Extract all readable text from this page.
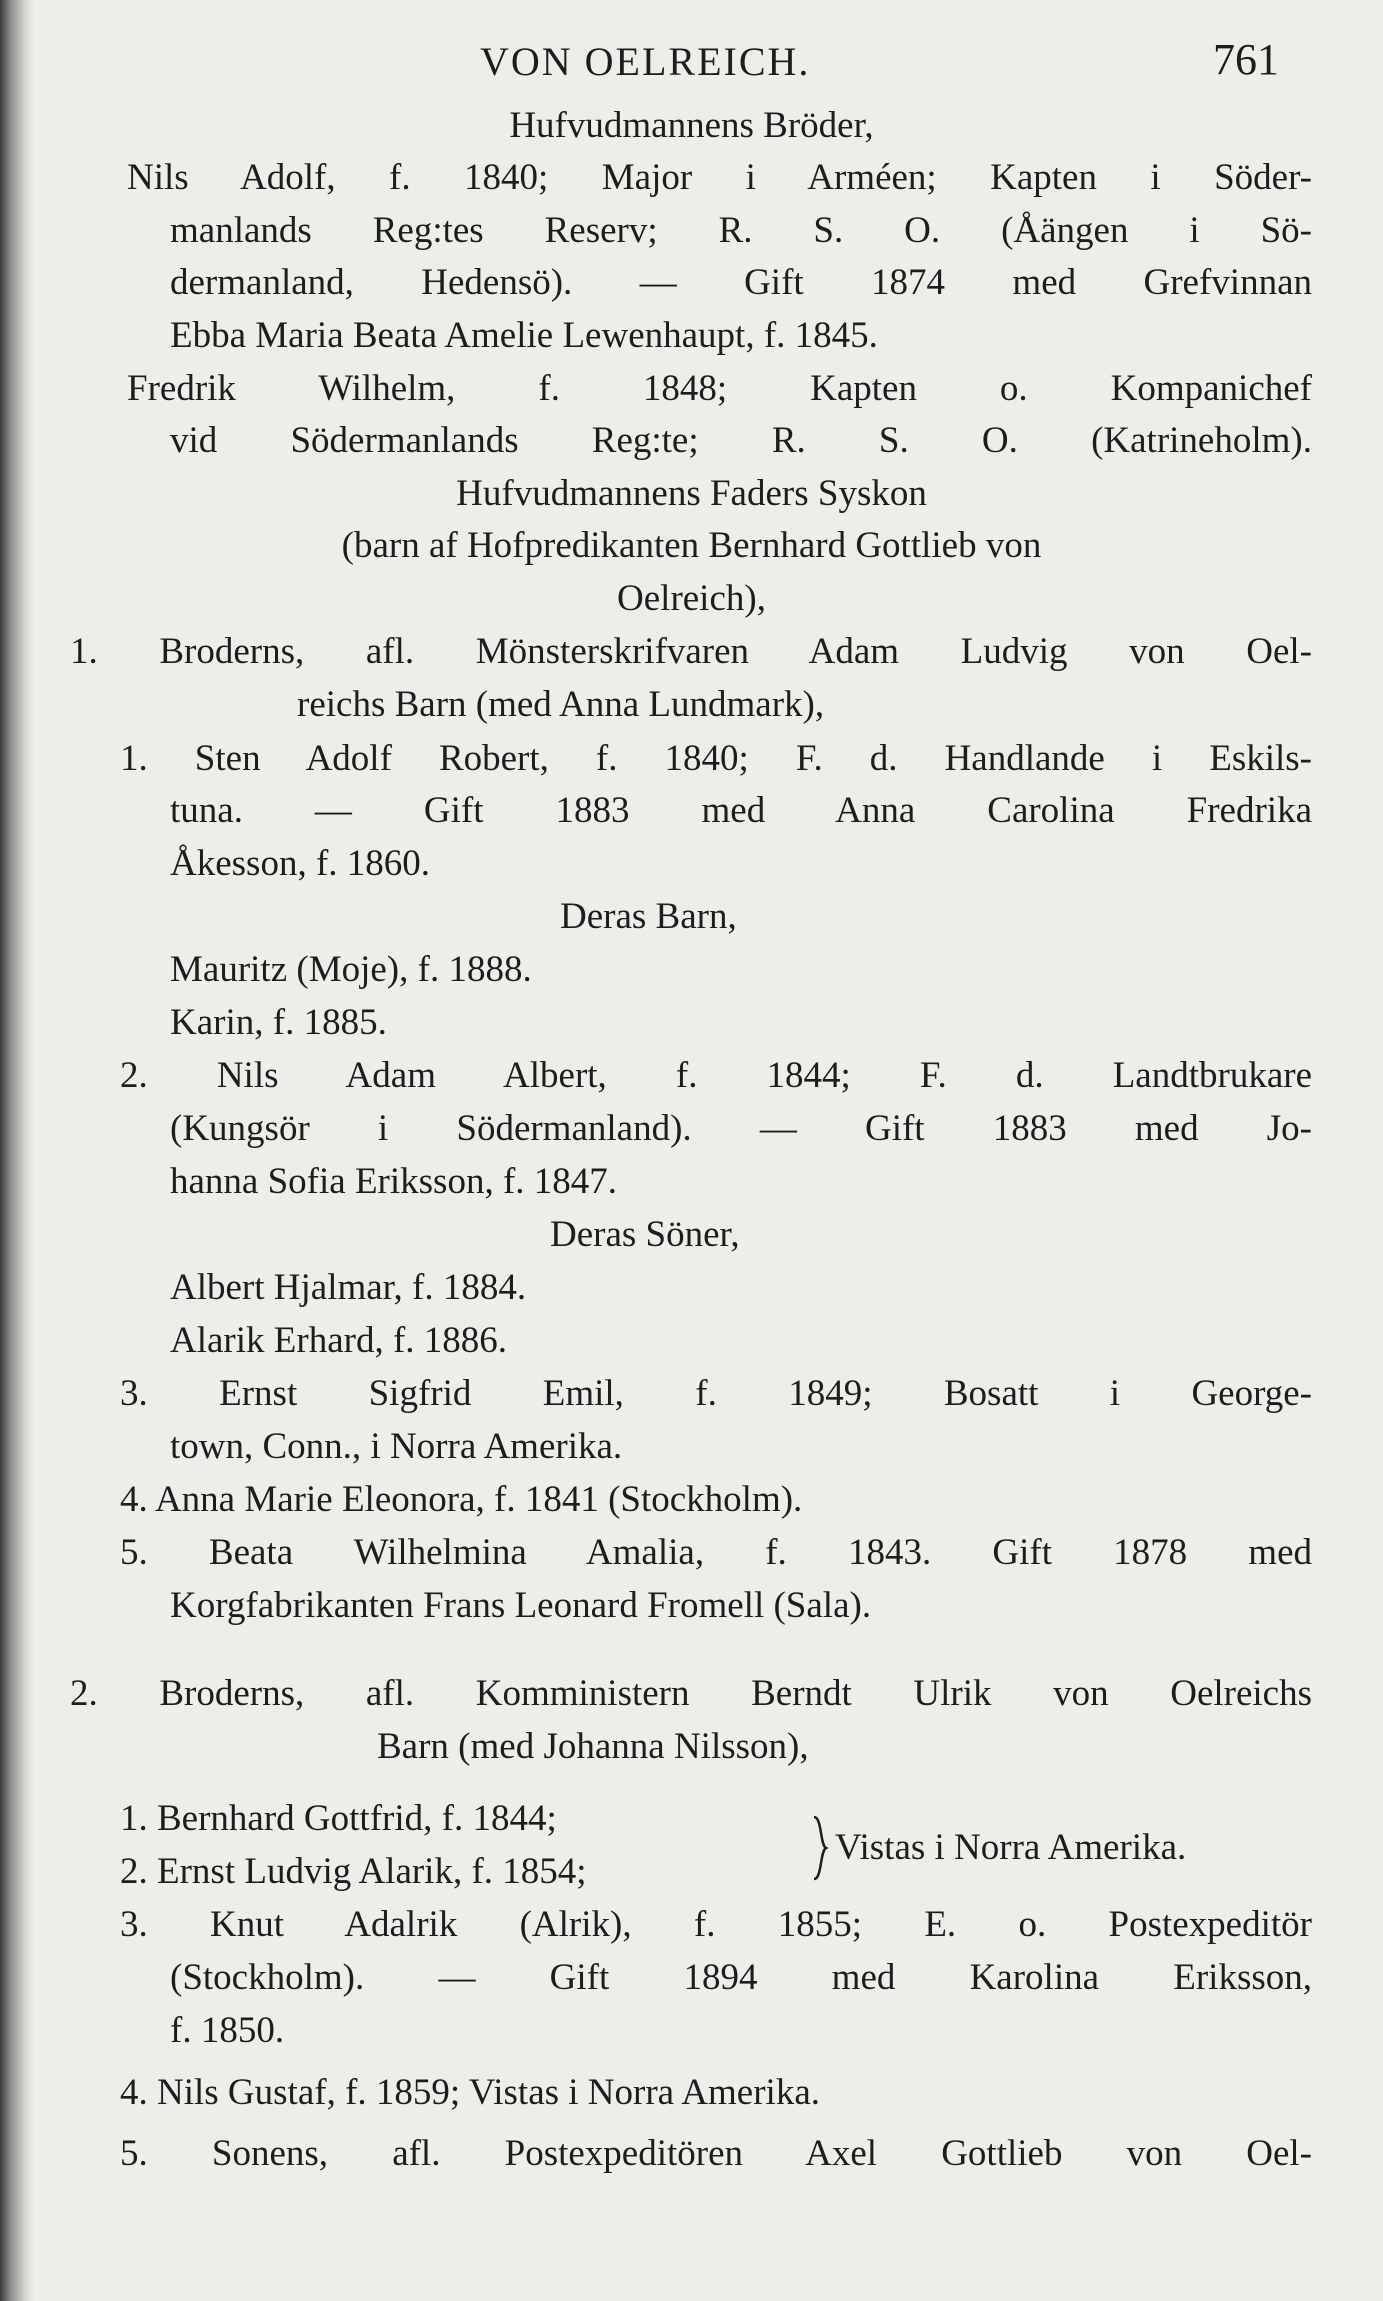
VON OELREICH.	761
Hufvudmannens Bröder,
Nils Adolf, f. 1840; Major i Arméen; Kapten i Söder-
manlands Reg:tes Reserv; R. S. O. (Åängen i Sö-
dermanland, Hedensö). — Gift 1874 med Grefvinnan
Ebba Maria Beata Amelie Lewenhaupt, f. 1845.
Fredrik Wilhelm, f. 1848; Kapten o. Kompanichef
vid Södermanlands Reg:te; R. S. O. (Katrineholm).
Hufvudmannens Faders Syskon
(barn af Hofpredikanten Bernhard Gottlieb von
Oelreich),
1. Broderns, afl. Mönsterskrifvaren Adam Ludvig von Oel-
reichs Barn (med Anna Lundmark),
1. Sten Adolf Robert, f. 1840; F. d. Handlande i Eskils-
tuna. — Gift 1883 med Anna Carolina Fredrika
Åkesson, f. 1860.
Deras Barn,
Mauritz (Moje), f. 1888.
Karin, f. 1885.
2. Nils Adam Albert, f. 1844; F. d. Landtbrukare
(Kungsör i Södermanland). — Gift 1883 med Jo-
hanna Sofia Eriksson, f. 1847.
Deras Söner,
Albert Hjalmar, f. 1884.
Alarik Erhard, f. 1886.
3. Ernst Sigfrid Emil, f. 1849; Bosatt i George-
town, Conn., i Norra Amerika.
4. Anna Marie Eleonora, f. 1841 (Stockholm).
5. Beata Wilhelmina Amalia, f. 1843. Gift 1878 med
Korgfabrikanten Frans Leonard Fromell (Sala).
2. Broderns, afl. Komministern Berndt Ulrik von Oelreichs
Barn (med Johanna Nilsson),
1. Bernhard Gottfrid, f. 1844;
2. Ernst Ludvig Alarik, f. 1854;
Vistas i Norra Amerika.
3. Knut Adalrik (Alrik), f. 1855; E. o. Postexpeditör
(Stockholm). — Gift 1894 med Karolina Eriksson,
f. 1850.
4. Nils Gustaf, f. 1859; Vistas i Norra Amerika.
5. Sonens, afl. Postexpeditören Axel Gottlieb von Oel-
